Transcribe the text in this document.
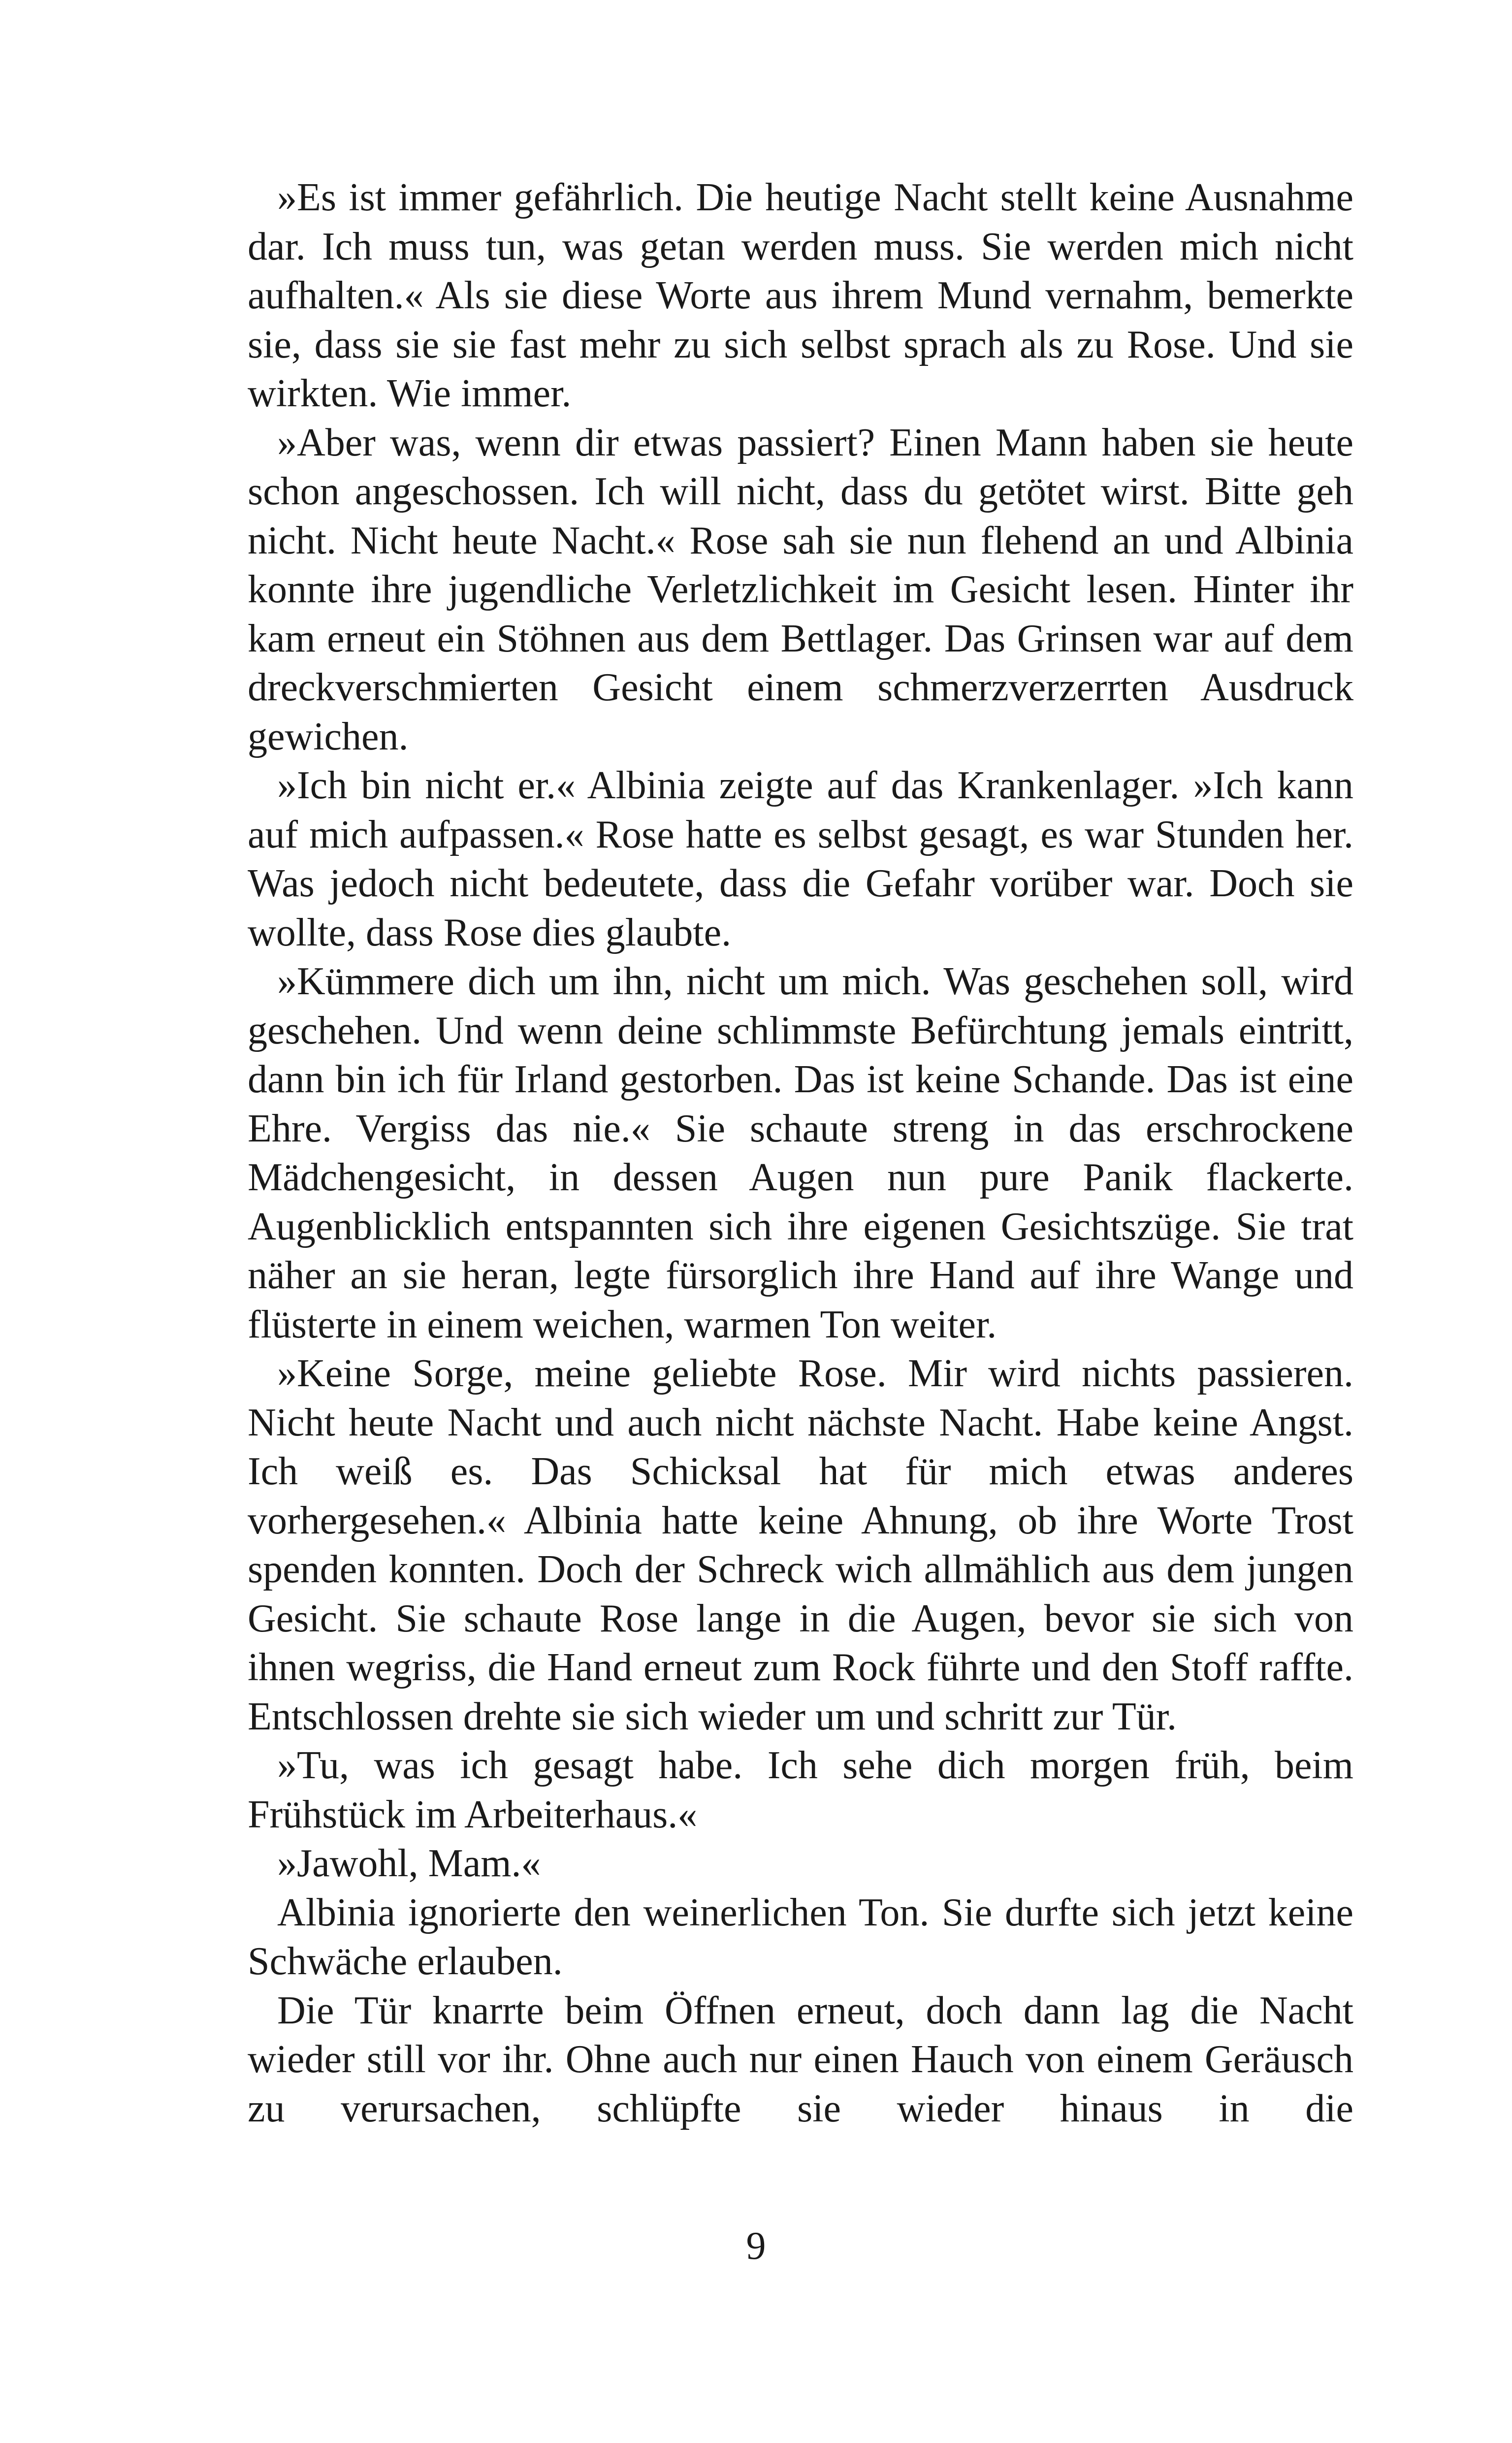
»Es ist immer gefährlich. Die heutige Nacht stellt keine Ausnahme dar. Ich muss tun, was getan werden muss. Sie werden mich nicht aufhalten.« Als sie diese Worte aus ihrem Mund vernahm, bemerkte sie, dass sie sie fast mehr zu sich selbst sprach als zu Rose. Und sie wirkten. Wie immer.

»Aber was, wenn dir etwas passiert? Einen Mann haben sie heute schon angeschossen. Ich will nicht, dass du getötet wirst. Bitte geh nicht. Nicht heute Nacht.« Rose sah sie nun flehend an und Albinia konnte ihre jugendliche Verletzlichkeit im Gesicht lesen. Hinter ihr kam erneut ein Stöhnen aus dem Bettlager. Das Grinsen war auf dem dreckverschmierten Gesicht einem schmerzverzerrten Ausdruck gewichen.

»Ich bin nicht er.« Albinia zeigte auf das Krankenlager. »Ich kann auf mich aufpassen.« Rose hatte es selbst gesagt, es war Stunden her. Was jedoch nicht bedeutete, dass die Gefahr vorüber war. Doch sie wollte, dass Rose dies glaubte.

»Kümmere dich um ihn, nicht um mich. Was geschehen soll, wird geschehen. Und wenn deine schlimmste Befürchtung jemals eintritt, dann bin ich für Irland gestorben. Das ist keine Schande. Das ist eine Ehre. Vergiss das nie.« Sie schaute streng in das erschrockene Mädchengesicht, in dessen Augen nun pure Panik flackerte. Augenblicklich entspannten sich ihre eigenen Gesichtszüge. Sie trat näher an sie heran, legte fürsorglich ihre Hand auf ihre Wange und flüsterte in einem weichen, warmen Ton weiter.

»Keine Sorge, meine geliebte Rose. Mir wird nichts passieren. Nicht heute Nacht und auch nicht nächste Nacht. Habe keine Angst. Ich weiß es. Das Schicksal hat für mich etwas anderes vorhergesehen.« Albinia hatte keine Ahnung, ob ihre Worte Trost spenden konnten. Doch der Schreck wich allmählich aus dem jungen Gesicht. Sie schaute Rose lange in die Augen, bevor sie sich von ihnen wegriss, die Hand erneut zum Rock führte und den Stoff raffte. Entschlossen drehte sie sich wieder um und schritt zur Tür.

»Tu, was ich gesagt habe. Ich sehe dich morgen früh, beim Frühstück im Arbeiterhaus.«

»Jawohl, Mam.«

Albinia ignorierte den weinerlichen Ton. Sie durfte sich jetzt keine Schwäche erlauben.

Die Tür knarrte beim Öffnen erneut, doch dann lag die Nacht wieder still vor ihr. Ohne auch nur einen Hauch von einem Geräusch zu verursachen, schlüpfte sie wieder hinaus in die

9
